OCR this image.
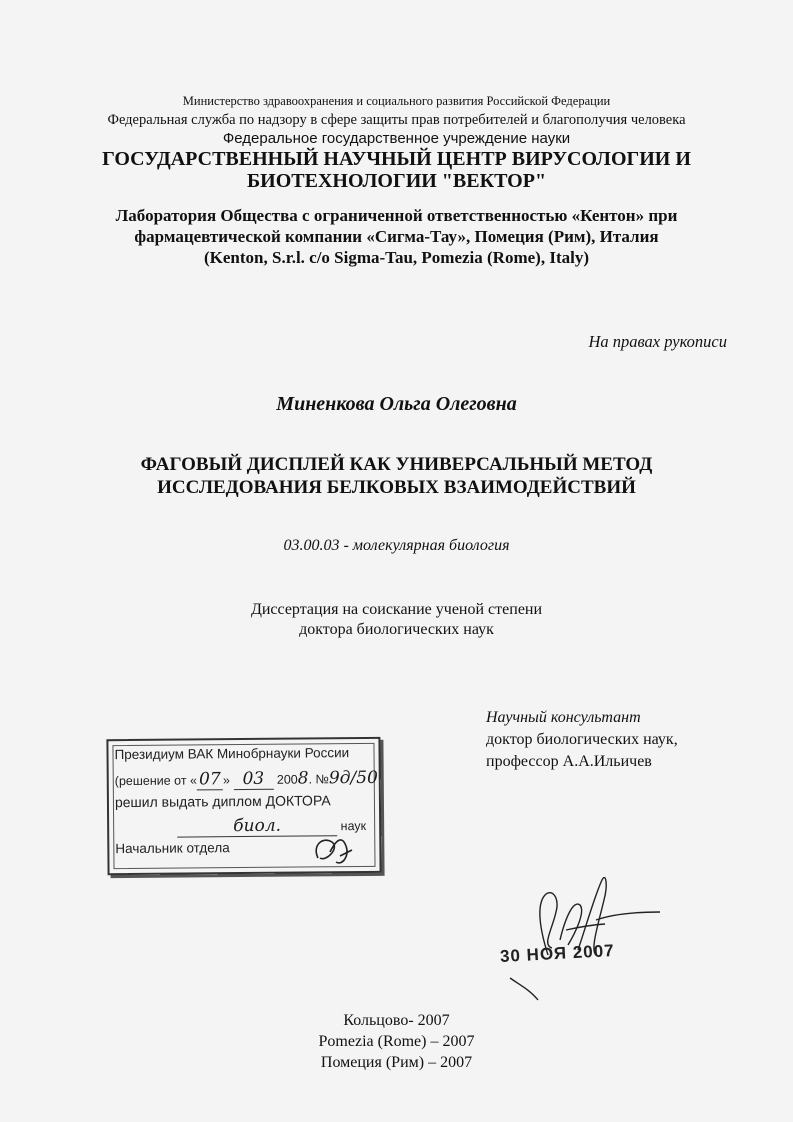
Министерство здравоохранения и социального развития Российской Федерации
Федеральная служба по надзору в сфере защиты прав потребителей и благополучия человека
Федеральное государственное учреждение науки
ГОСУДАРСТВЕННЫЙ НАУЧНЫЙ ЦЕНТР ВИРУСОЛОГИИ И
БИОТЕХНОЛОГИИ "ВЕКТОР"
Лаборатория Общества с ограниченной ответственностью «Кентон» при
фармацевтической компании «Сигма-Тау», Помеция (Рим), Италия
(Kenton, S.r.l. c/o Sigma-Tau, Pomezia (Rome), Italy)
На правах рукописи
Миненкова Ольга Олеговна
ФАГОВЫЙ ДИСПЛЕЙ КАК УНИВЕРСАЛЬНЫЙ МЕТОД
ИССЛЕДОВАНИЯ БЕЛКОВЫХ ВЗАИМОДЕЙСТВИЙ
03.00.03 - молекулярная биология
Диссертация на соискание ученой степени
доктора биологических наук
Научный консультант
доктор биологических наук,
профессор А.А.Ильичев
Президиум ВАК Минобрнауки России
(решение от « 07 » 03 2008. №9д/50
решил выдать диплом ДОКТОРА
биол.	наук
Начальник отдела
30 НОЯ 2007
Кольцово- 2007
Pomezia (Rome) – 2007
Помеция (Рим) – 2007
